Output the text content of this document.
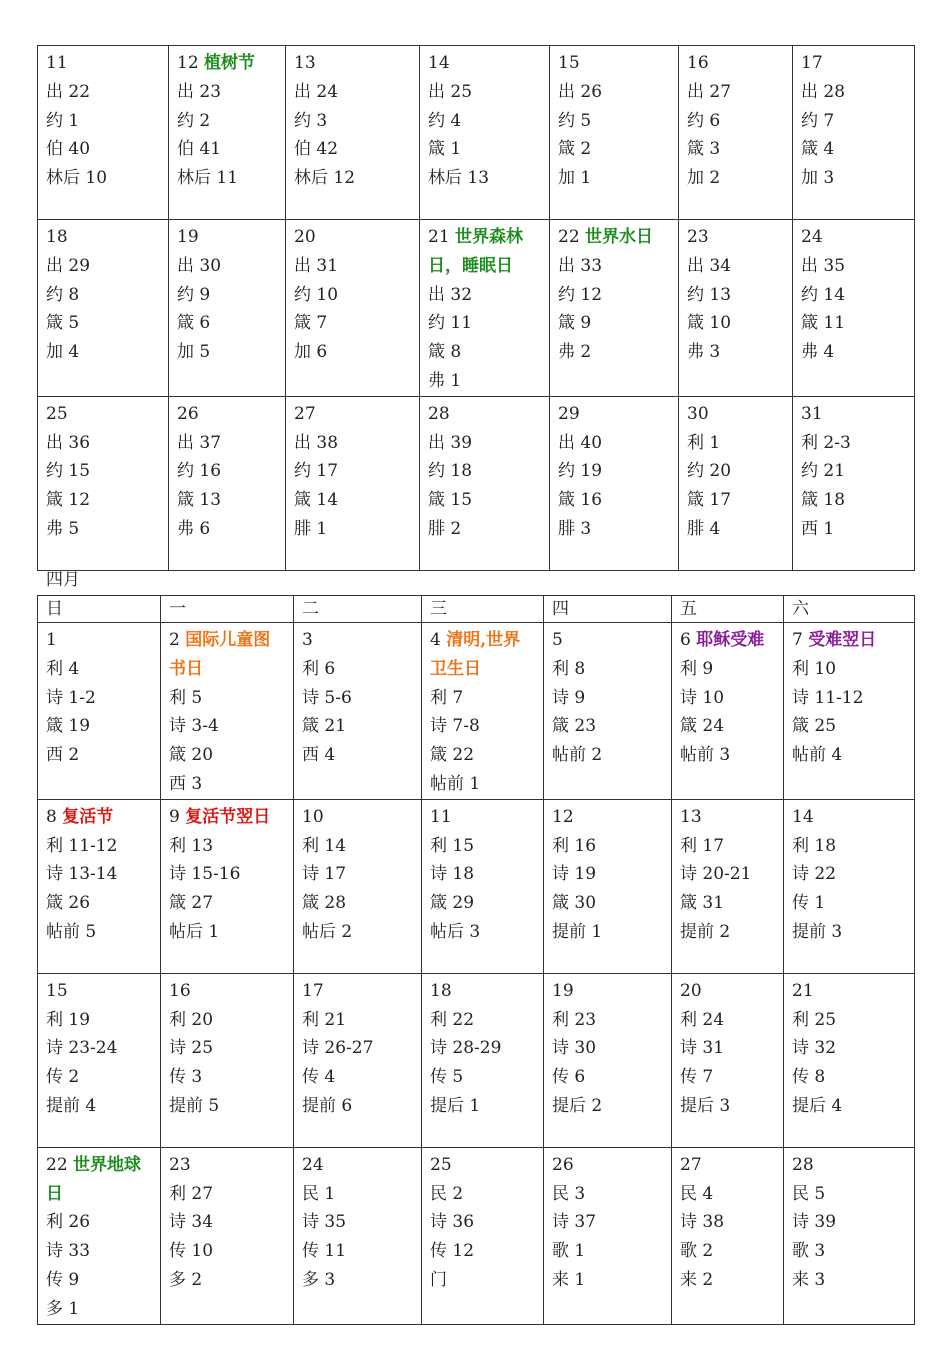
11
出 22
约 1
伯 40
林后 10	12 植树节
出 23
约 2
伯 41
林后 11	13
出 24
约 3
伯 42
林后 12	14
出 25
约 4
箴 1
林后 13	15
出 26
约 5
箴 2
加 1	16
出 27
约 6
箴 3
加 2	17
出 28
约 7
箴 4
加 3

18
出 29
约 8
箴 5
加 4	19
出 30
约 9
箴 6
加 5	20
出 31
约 10
箴 7
加 6	21 世界森林日，睡眠日
出 32
约 11
箴 8
弗 1	22 世界水日
出 33
约 12
箴 9
弗 2	23
出 34
约 13
箴 10
弗 3	24
出 35
约 14
箴 11
弗 4

25
出 36
约 15
箴 12
弗 5	26
出 37
约 16
箴 13
弗 6	27
出 38
约 17
箴 14
腓 1	28
出 39
约 18
箴 15
腓 2	29
出 40
约 19
箴 16
腓 3	30
利 1
约 20
箴 17
腓 4	31
利 2-3
约 21
箴 18
西 1
四月
日	一	二	三	四	五	六

1
利 4
诗 1-2
箴 19
西 2	2 国际儿童图书日
利 5
诗 3-4
箴 20
西 3	3
利 6
诗 5-6
箴 21
西 4	4 清明,世界卫生日
利 7
诗 7-8
箴 22
帖前 1	5
利 8
诗 9
箴 23
帖前 2	6 耶稣受难
利 9
诗 10
箴 24
帖前 3	7 受难翌日
利 10
诗 11-12
箴 25
帖前 4

8 复活节
利 11-12
诗 13-14
箴 26
帖前 5	9 复活节翌日
利 13
诗 15-16
箴 27
帖后 1	10
利 14
诗 17
箴 28
帖后 2	11
利 15
诗 18
箴 29
帖后 3	12
利 16
诗 19
箴 30
提前 1	13
利 17
诗 20-21
箴 31
提前 2	14
利 18
诗 22
传 1
提前 3

15
利 19
诗 23-24
传 2
提前 4	16
利 20
诗 25
传 3
提前 5	17
利 21
诗 26-27
传 4
提前 6	18
利 22
诗 28-29
传 5
提后 1	19
利 23
诗 30
传 6
提后 2	20
利 24
诗 31
传 7
提后 3	21
利 25
诗 32
传 8
提后 4

22 世界地球日
利 26
诗 33
传 9
多 1	23
利 27
诗 34
传 10
多 2	24
民 1
诗 35
传 11
多 3	25
民 2
诗 36
传 12
门	26
民 3
诗 37
歌 1
来 1	27
民 4
诗 38
歌 2
来 2	28
民 5
诗 39
歌 3
来 3
